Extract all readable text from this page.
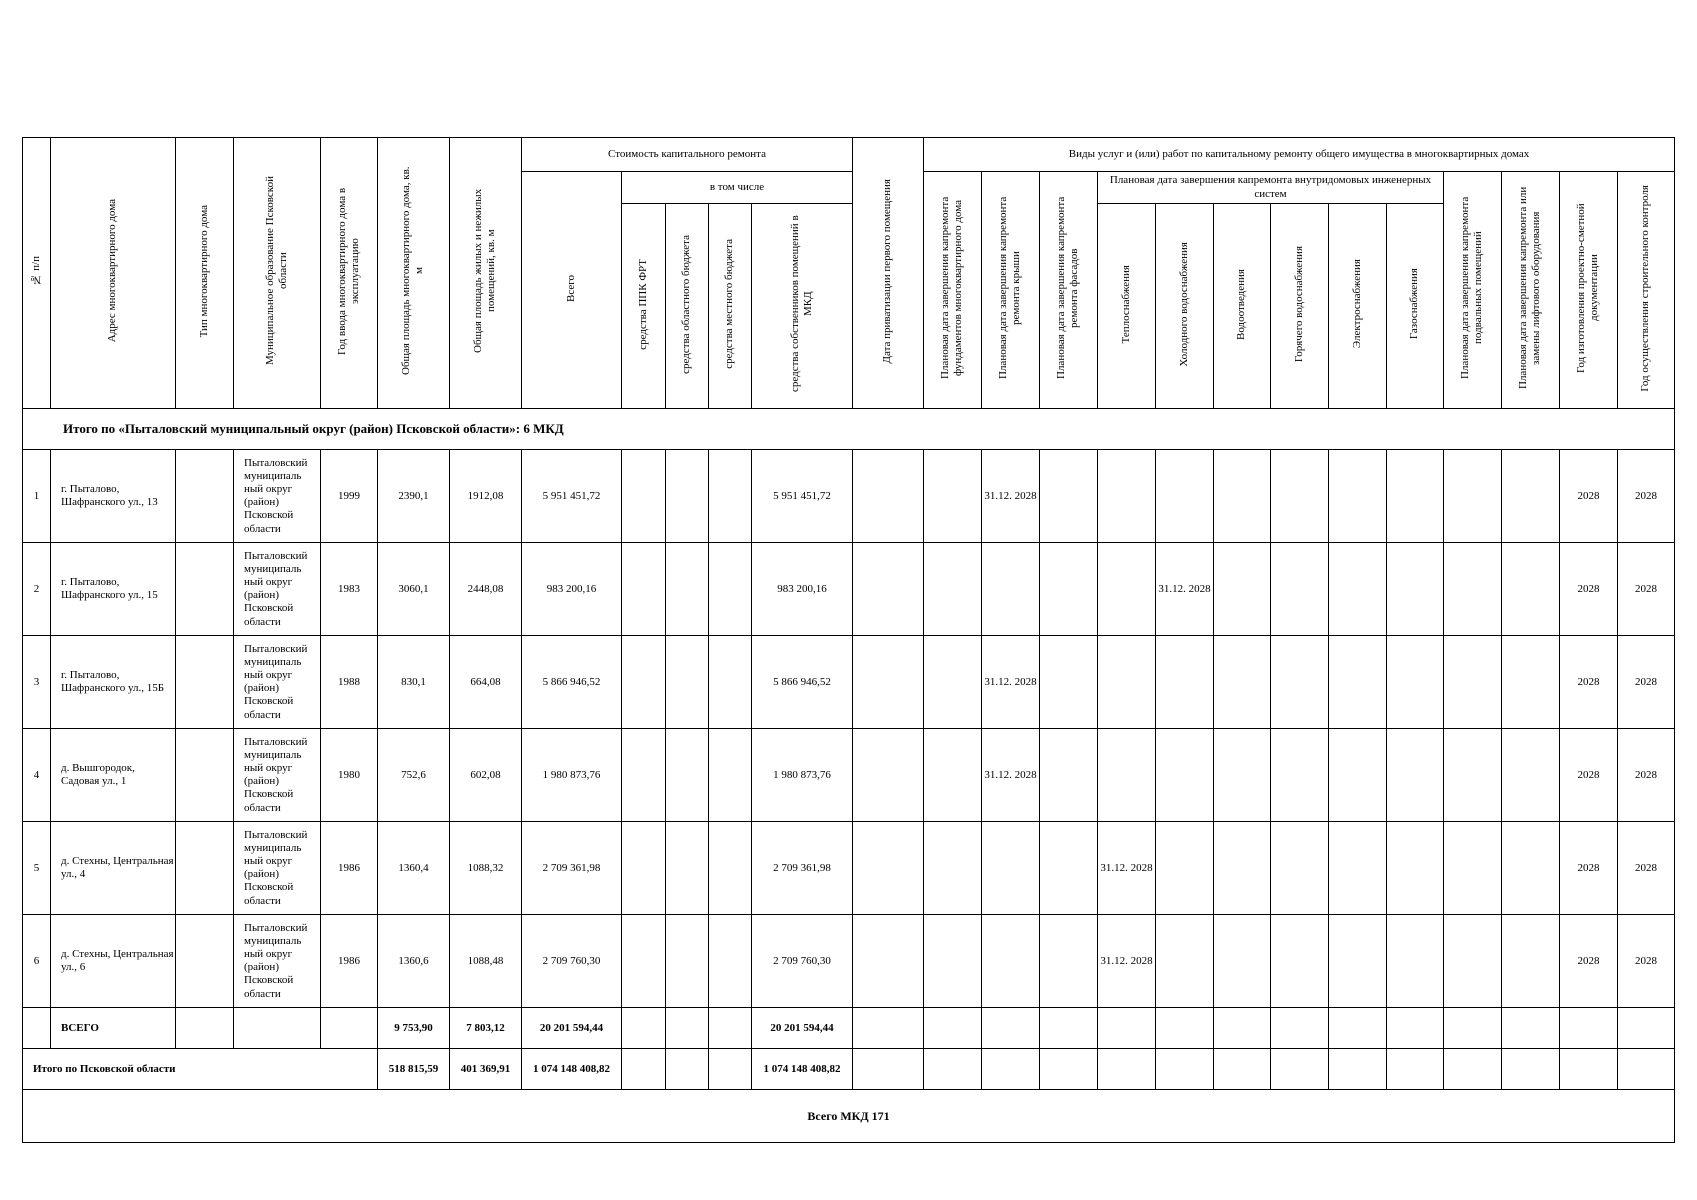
№ п/п	Адрес многоквартирного дома	Тип многоквартирного дома	Муниципальное образование Псковской области	Год ввода многоквартирного дома в эксплуатацию	Общая площадь многоквартирного дома, кв. м	Общая площадь жилых и нежилых помещений, кв. м	Стоимость капитального ремонта					Дата приватизации первого помещения	Виды услуг и (или) работ по капитальному ремонту общего имущества в многоквартирных домах												
							Всего	в том числе					Плановая дата завершения капремонта фундаментов многоквартирного дома	Плановая дата завершения капремонта ремонта крыши	Плановая дата завершения капремонта ремонта фасадов	Плановая дата завершения капремонта внутридомовых инженерных систем						Плановая дата завершения капремонта подвальных помещений	Плановая дата завершения капремонта или замены лифтового оборудования	Год изготовления проектно-сметной документации	Год осуществления строительного контроля
								средства ППК ФРТ	средства областного бюджета	средства местного бюджета	средства собственников помещений в МКД					Теплоснабжения	Холодного водоснабжения	Водоотведения	Горячего водоснабжения	Электроснабжения	Газоснабжения				
Итого по «Пыталовский муниципальный округ (район) Псковской области»: 6 МКД																									
1	г. Пыталово, Шафранского ул., 13		Пыталовский муниципаль ный округ (район) Псковской области	1999	2390,1	1912,08	5 951 451,72				5 951 451,72			31.12. 2028										2028	2028
2	г. Пыталово, Шафранского ул., 15		Пыталовский муниципаль ный округ (район) Псковской области	1983	3060,1	2448,08	983 200,16				983 200,16						31.12. 2028							2028	2028
3	г. Пыталово, Шафранского ул., 15Б		Пыталовский муниципаль ный округ (район) Псковской области	1988	830,1	664,08	5 866 946,52				5 866 946,52			31.12. 2028										2028	2028
4	д. Вышгородок, Садовая ул., 1		Пыталовский муниципаль ный округ (район) Псковской области	1980	752,6	602,08	1 980 873,76				1 980 873,76			31.12. 2028										2028	2028
5	д. Стехны, Центральная ул., 4		Пыталовский муниципаль ный округ (район) Псковской области	1986	1360,4	1088,32	2 709 361,98				2 709 361,98					31.12. 2028								2028	2028
6	д. Стехны, Центральная ул., 6		Пыталовский муниципаль ный округ (район) Псковской области	1986	1360,6	1088,48	2 709 760,30				2 709 760,30					31.12. 2028								2028	2028
	ВСЕГО				9 753,90	7 803,12	20 201 594,44				20 201 594,44														
Итого по Псковской области					518 815,59	401 369,91	1 074 148 408,82				1 074 148 408,82														
Всего МКД 171																									
